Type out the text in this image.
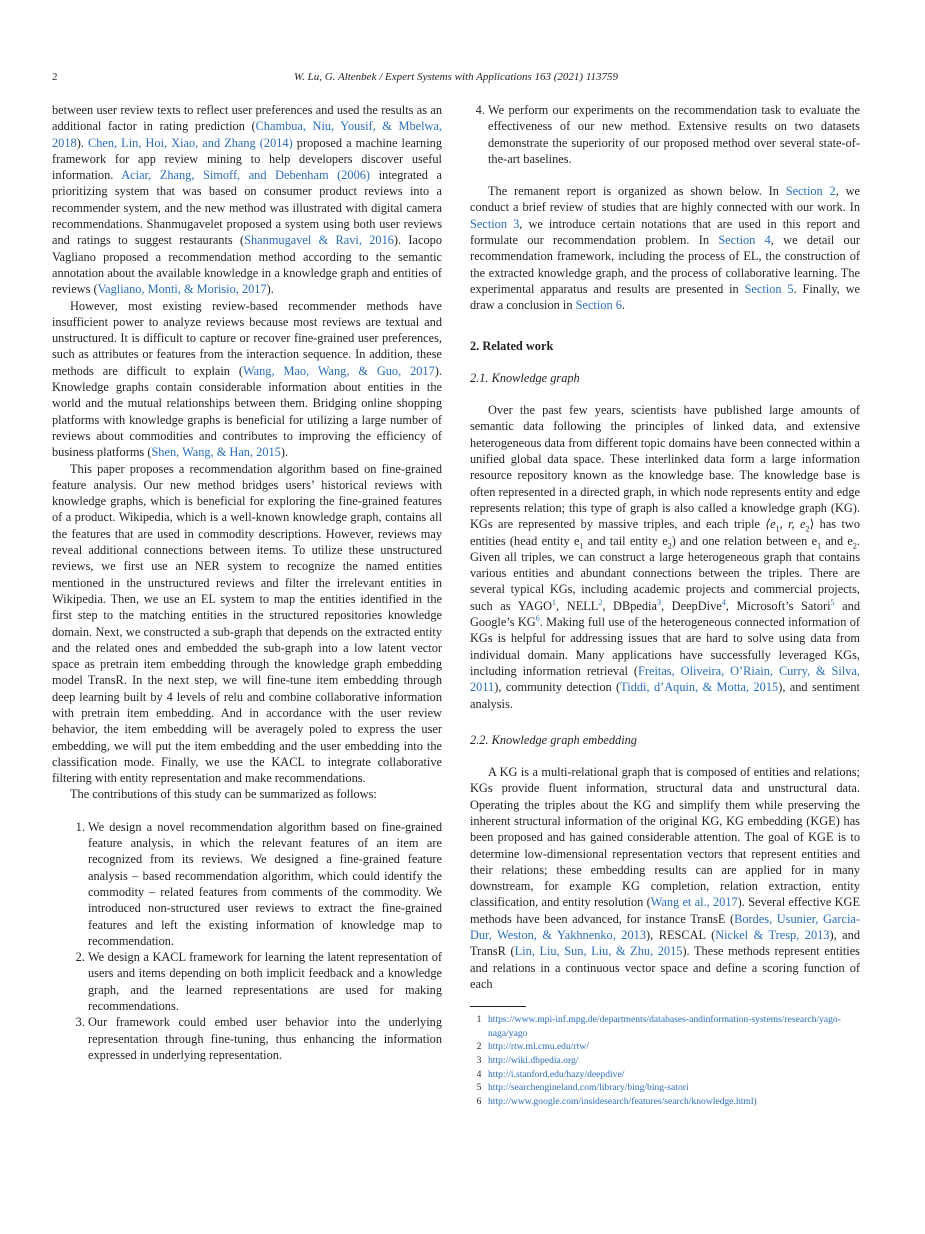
2	W. Lu, G. Altenbek / Expert Systems with Applications 163 (2021) 113759

between user review texts to reflect user preferences and used the results as an additional factor in rating prediction (Chambua, Niu, Yousif, & Mbelwa, 2018). Chen, Lin, Hoi, Xiao, and Zhang (2014) proposed a machine learning framework for app review mining to help developers discover useful information. Aciar, Zhang, Simoff, and Debenham (2006) integrated a prioritizing system that was based on consumer product reviews into a recommender system, and the new method was illustrated with digital camera recommendations. Shanmugavelet proposed a system using both user reviews and ratings to suggest restaurants (Shanmugavel & Ravi, 2016). Iacopo Vagliano proposed a recommendation method according to the semantic annotation about the available knowledge in a knowledge graph and entities of reviews (Vagliano, Monti, & Morisio, 2017).

However, most existing review-based recommender methods have insufficient power to analyze reviews because most reviews are textual and unstructured. It is difficult to capture or recover fine-grained user preferences, such as attributes or features from the interaction sequence. In addition, these methods are difficult to explain (Wang, Mao, Wang, & Guo, 2017). Knowledge graphs contain considerable information about entities in the world and the mutual relationships between them. Bridging online shopping platforms with knowledge graphs is beneficial for utilizing a large number of reviews about commodities and contributes to improving the efficiency of business platforms (Shen, Wang, & Han, 2015).

This paper proposes a recommendation algorithm based on fine-grained feature analysis. Our new method bridges users’ historical reviews with knowledge graphs, which is beneficial for exploring the fine-grained features of a product. Wikipedia, which is a well-known knowledge graph, contains all the features that are used in commodity descriptions. However, reviews may reveal additional connections between items. To utilize these unstructured reviews, we first use an NER system to recognize the named entities mentioned in the unstructured reviews and filter the irrelevant entities in Wikipedia. Then, we use an EL system to map the entities identified in the first step to the matching entities in the structured repositories knowledge domain. Next, we constructed a sub-graph that depends on the extracted entity and the related ones and embedded the sub-graph into a low latent vector space as pretrain item embedding through the knowledge graph embedding model TransR. In the next step, we will fine-tune item embedding through deep learning built by 4 levels of relu and combine collaborative information with pretrain item embedding. And in accordance with the user review behavior, the item embedding will be averagely poled to express the user embedding, we will put the item embedding and the user embedding into the classification mode. Finally, we use the KACL to integrate collaborative filtering with entity representation and make recommendations.

The contributions of this study can be summarized as follows:

1. We design a novel recommendation algorithm based on fine-grained feature analysis, in which the relevant features of an item are recognized from its reviews. We designed a fine-grained feature analysis – based recommendation algorithm, which could identify the commodity – related features from comments of the commodity. We introduced non-structured user reviews to extract the fine-grained features and left the existing information of knowledge map to recommendation.
2. We design a KACL framework for learning the latent representation of users and items depending on both implicit feedback and a knowledge graph, and the learned representations are used for making recommendations.
3. Our framework could embed user behavior into the underlying representation through fine-tuning, thus enhancing the information expressed in underlying representation.
4. We perform our experiments on the recommendation task to evaluate the effectiveness of our new method. Extensive results on two datasets demonstrate the superiority of our proposed method over several state-of-the-art baselines.

The remanent report is organized as shown below. In Section 2, we conduct a brief review of studies that are highly connected with our work. In Section 3, we introduce certain notations that are used in this report and formulate our recommendation problem. In Section 4, we detail our recommendation framework, including the process of EL, the construction of the extracted knowledge graph, and the process of collaborative learning. The experimental apparatus and results are presented in Section 5. Finally, we draw a conclusion in Section 6.

2. Related work

2.1. Knowledge graph

Over the past few years, scientists have published large amounts of semantic data following the principles of linked data, and extensive heterogeneous data from different topic domains have been connected within a unified global data space. These interlinked data form a large information resource repository known as the knowledge base. The knowledge base is often represented in a directed graph, in which node represents entity and edge represents relation; this type of graph is also called a knowledge graph (KG). KGs are represented by massive triples, and each triple $⟨e_1$, r, $e_2⟩$ has two entities (head entity $e_1$ and tail entity $e_2$) and one relation between $e_1$ and $e_2$. Given all triples, we can construct a large heterogeneous graph that contains various entities and abundant connections between the triples. There are several typical KGs, including academic projects and commercial projects, such as YAGO$^1$, NELL$^2$, DBpedia$^3$, DeepDive$^4$, Microsoft’s Satori$^5$ and Google’s KG$^6$. Making full use of the heterogeneous connected information of KGs is helpful for addressing issues that are hard to solve using data from individual domain. Many applications have successfully leveraged KGs, including information retrieval (Freitas, Oliveira, O’Riain, Curry, & Silva, 2011), community detection (Tiddi, d’Aquin, & Motta, 2015), and sentiment analysis.

2.2. Knowledge graph embedding

A KG is a multi-relational graph that is composed of entities and relations; KGs provide fluent information, structural data and unstructural data. Operating the triples about the KG and simplify them while preserving the inherent structural information of the original KG, KG embedding (KGE) has been proposed and has gained considerable attention. The goal of KGE is to determine low-dimensional representation vectors that represent entities and their relations; these embedding results can are applied for in many downstream, for example KG completion, relation extraction, entity classification, and entity resolution (Wang et al., 2017). Several effective KGE methods have been advanced, for instance TransE (Bordes, Usunier, Garcia-Dur, Weston, & Yakhnenko, 2013), RESCAL (Nickel & Tresp, 2013), and TransR (Lin, Liu, Sun, Liu, & Zhu, 2015). These methods represent entities and relations in a continuous vector space and define a scoring function of each

1 https://www.mpi-inf.mpg.de/departments/databases-andinformation-systems/research/yago-naga/yago
2 http://rtw.ml.cmu.edu/rtw/
3 http://wiki.dbpedia.org/
4 http://i.stanford.edu/hazy/deepdive/
5 http://searchengineland.com/library/bing/bing-satori
6 http://www.google.com/insidesearch/features/search/knowledge.html)
